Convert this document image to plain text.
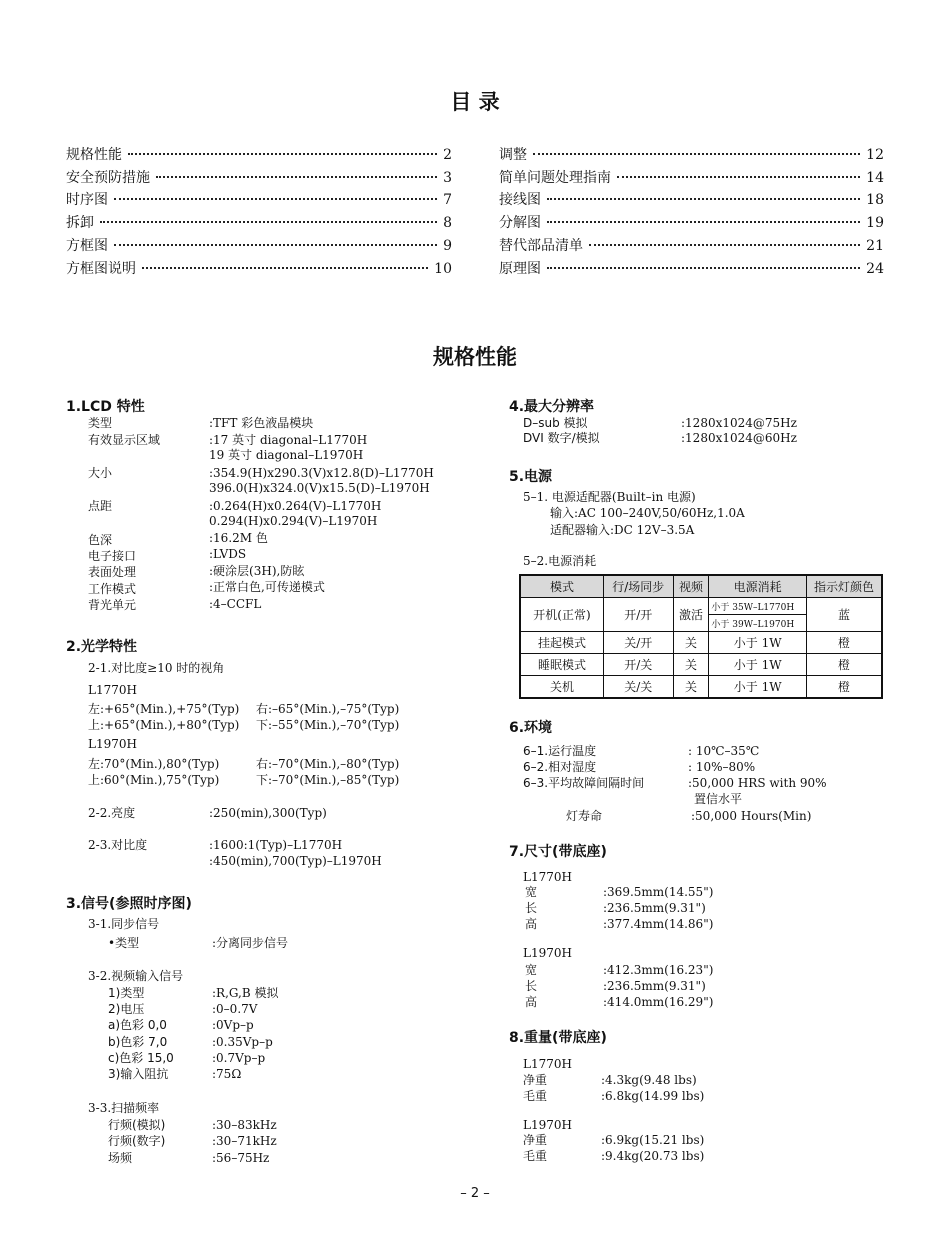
目 录
规格性能	2
安全预防措施	3
时序图	7
拆卸	8
方框图	9
方框图说明	10
调整	12
简单问题处理指南	14
接线图	18
分解图	19
替代部品清单	21
原理图	24
规格性能
1.LCD 特性
类型	:TFT 彩色液晶模块
有效显示区域	:17 英寸 diagonal–L1770H
19 英寸 diagonal–L1970H
大小	:354.9(H)x290.3(V)x12.8(D)–L1770H
396.0(H)x324.0(V)x15.5(D)–L1970H
点距	:0.264(H)x0.264(V)–L1770H
0.294(H)x0.294(V)–L1970H
色深	:16.2M 色
电子接口	:LVDS
表面处理	:硬涂层(3H),防眩
工作模式	:正常白色,可传递模式
背光单元	:4–CCFL
2.光学特性
2-1.对比度≥10 时的视角
L1770H
左:+65°(Min.),+75°(Typ) 右:–65°(Min.),–75°(Typ)
上:+65°(Min.),+80°(Typ) 下:–55°(Min.),–70°(Typ)
L1970H
左:70°(Min.),80°(Typ)	右:–70°(Min.),–80°(Typ)
上:60°(Min.),75°(Typ)	下:–70°(Min.),–85°(Typ)
2-2.亮度	:250(min),300(Typ)
2-3.对比度	:1600:1(Typ)–L1770H
:450(min),700(Typ)–L1970H
3.信号(参照时序图)
3-1.同步信号
•类型	:分离同步信号
3-2.视频输入信号
1)类型	:R,G,B 模拟
2)电压	:0–0.7V
a)色彩 0,0	:0Vp–p
b)色彩 7,0	:0.35Vp–p
c)色彩 15,0	:0.7Vp–p
3)输入阻抗	:75Ω
3-3.扫描频率
行频(模拟)	:30–83kHz
行频(数字)	:30–71kHz
场频	:56–75Hz
4.最大分辨率
D–sub 模拟	:1280x1024@75Hz
DVI 数字/模拟	:1280x1024@60Hz
5.电源
5–1. 电源适配器(Built–in 电源)
输入:AC 100–240V,50/60Hz,1.0A
适配器输入:DC 12V–3.5A
5–2.电源消耗
模式	行/场同步	视频	电源消耗	指示灯颜色
开机(正常)	开/开	激活	小于 35W–L1770H	蓝
			小于 39W–L1970H	
挂起模式	关/开	关	小于 1W	橙
睡眠模式	开/关	关	小于 1W	橙
关机	关/关	关	小于 1W	橙
6.环境
6–1.运行温度	: 10℃–35℃
6–2.相对湿度	: 10%–80%
6–3.平均故障间隔时间	:50,000 HRS with 90%
置信水平
灯寿命	:50,000 Hours(Min)
7.尺寸(带底座)
L1770H
宽	:369.5mm(14.55")
长	:236.5mm(9.31")
高	:377.4mm(14.86")
L1970H
宽	:412.3mm(16.23")
长	:236.5mm(9.31")
高	:414.0mm(16.29")
8.重量(带底座)
L1770H
净重	:4.3kg(9.48 lbs)
毛重	:6.8kg(14.99 lbs)
L1970H
净重	:6.9kg(15.21 lbs)
毛重	:9.4kg(20.73 lbs)
– 2 –
